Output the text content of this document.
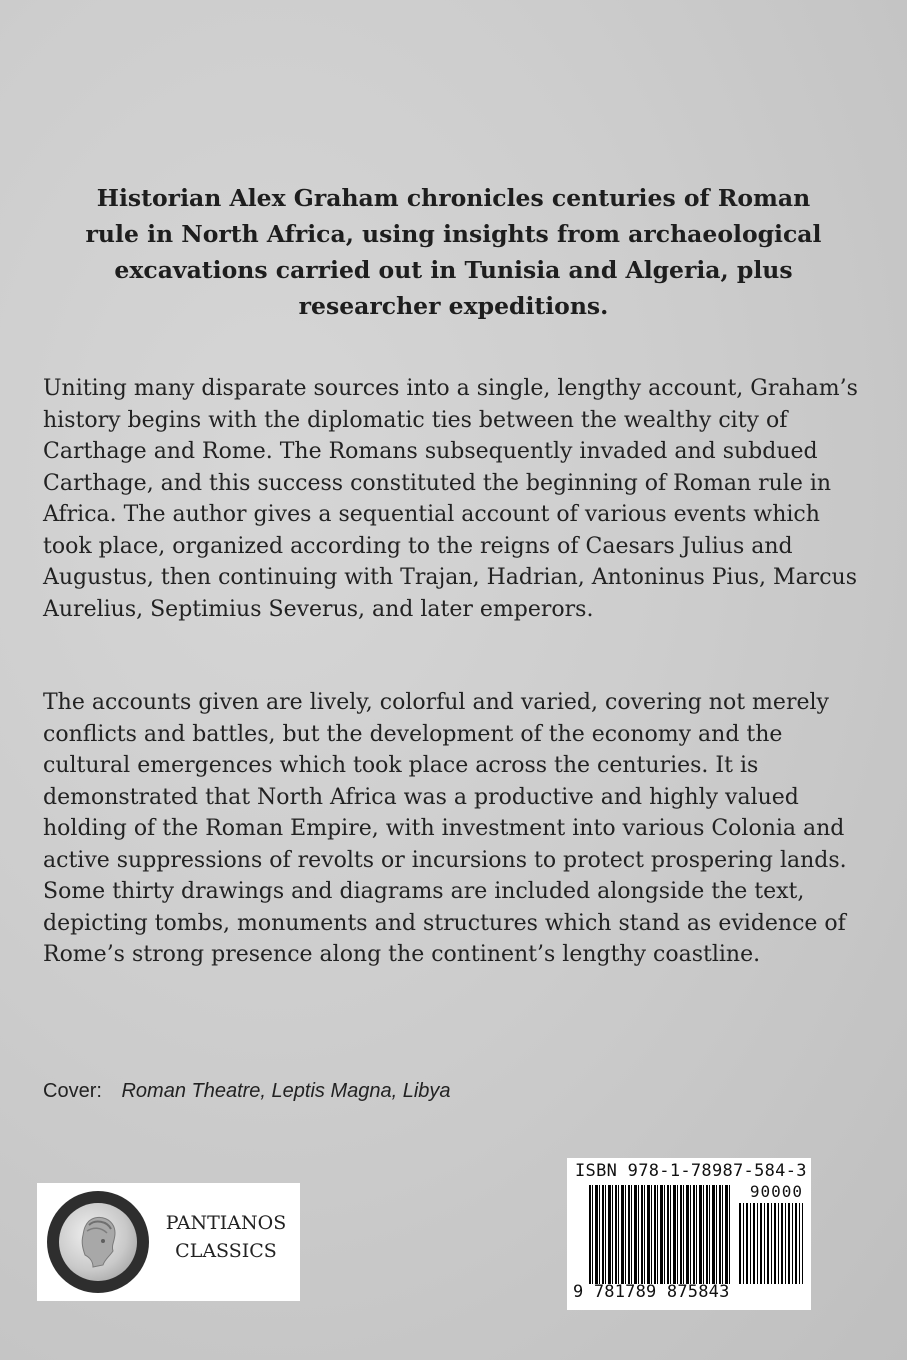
Historian Alex Graham chronicles centuries of Roman rule in North Africa, using insights from archaeological excavations carried out in Tunisia and Algeria, plus researcher expeditions.

Uniting many disparate sources into a single, lengthy account, Graham’s history begins with the diplomatic ties between the wealthy city of Carthage and Rome. The Romans subsequently invaded and subdued Carthage, and this success constituted the beginning of Roman rule in Africa. The author gives a sequential account of various events which took place, organized according to the reigns of Caesars Julius and Augustus, then continuing with Trajan, Hadrian, Antoninus Pius, Marcus Aurelius, Septimius Severus, and later emperors.

The accounts given are lively, colorful and varied, covering not merely conflicts and battles, but the development of the economy and the cultural emergences which took place across the centuries. It is demonstrated that North Africa was a productive and highly valued holding of the Roman Empire, with investment into various Colonia and active suppressions of revolts or incursions to protect prospering lands. Some thirty drawings and diagrams are included alongside the text, depicting tombs, monuments and structures which stand as evidence of Rome’s strong presence along the continent’s lengthy coastline.

Cover: Roman Theatre, Leptis Magna, Libya
PANTIANOS
CLASSICS
ISBN 978-1-78987-584-3
90000
9 781789 875843
